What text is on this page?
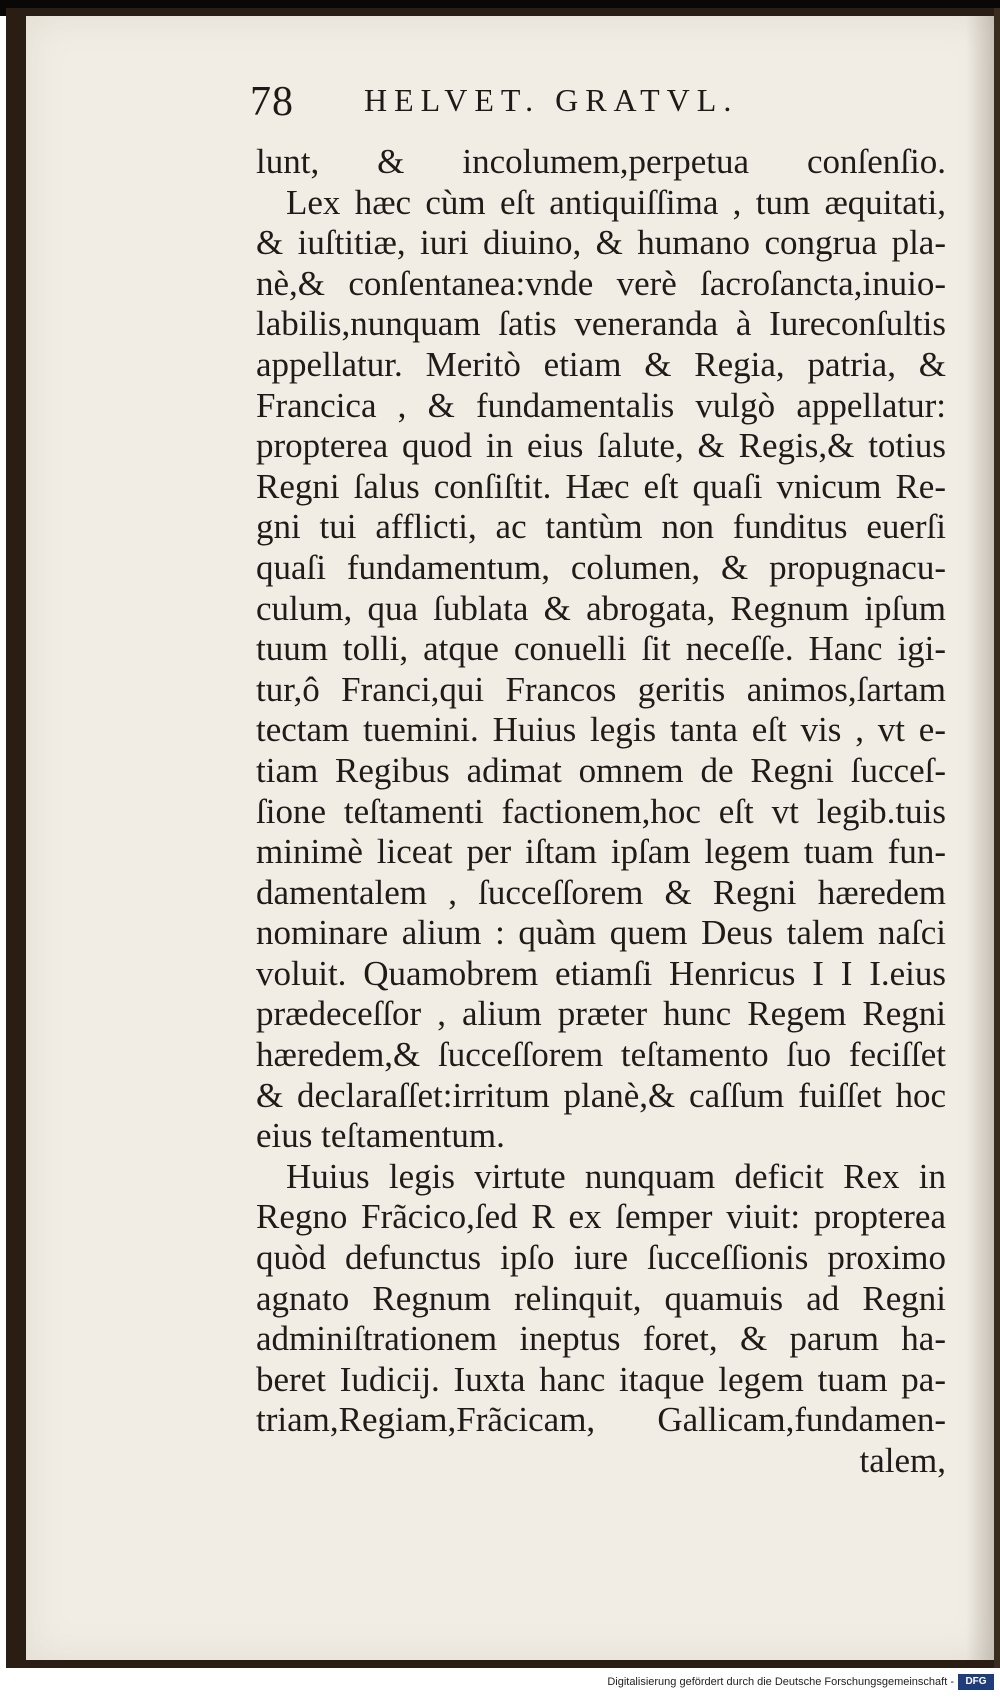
78 HELVET. GRATVL.
lunt, & incolumem,perpetua conſenſio.
Lex hæc cùm eſt antiquiſſima , tum æquitati,
& iuſtitiæ, iuri diuino, & humano congrua pla-
nè,& conſentanea:vnde verè ſacroſancta,inuio-
labilis,nunquam ſatis veneranda à Iureconſultis
appellatur. Meritò etiam & Regia, patria, &
Francica , & fundamentalis vulgò appellatur:
propterea quod in eius ſalute, & Regis,& totius
Regni ſalus conſiſtit. Hæc eſt quaſi vnicum Re-
gni tui afflicti, ac tantùm non funditus euerſi
quaſi fundamentum, columen, & propugnacu-
culum, qua ſublata & abrogata, Regnum ipſum
tuum tolli, atque conuelli ſit neceſſe. Hanc igi-
tur,ô Franci,qui Francos geritis animos,ſartam
tectam tuemini. Huius legis tanta eſt vis , vt e-
tiam Regibus adimat omnem de Regni ſucceſ-
ſione teſtamenti factionem,hoc eſt vt legib.tuis
minimè liceat per iſtam ipſam legem tuam fun-
damentalem , ſucceſſorem & Regni hæredem
nominare alium : quàm quem Deus talem naſci
voluit. Quamobrem etiamſi Henricus I I I.eius
prædeceſſor , alium præter hunc Regem Regni
hæredem,& ſucceſſorem teſtamento ſuo feciſſet
& declaraſſet:irritum planè,& caſſum fuiſſet hoc
eius teſtamentum.
Huius legis virtute nunquam deficit Rex in
Regno Frãcico,ſed R ex ſemper viuit: propterea
quòd defunctus ipſo iure ſucceſſionis proximo
agnato Regnum relinquit, quamuis ad Regni
adminiſtrationem ineptus foret, & parum ha-
beret Iudicij. Iuxta hanc itaque legem tuam pa-
triam,Regiam,Frãcicam, Gallicam,fundamen-
talem,
Digitalisierung gefördert durch die Deutsche Forschungsgemeinschaft -	DFG
